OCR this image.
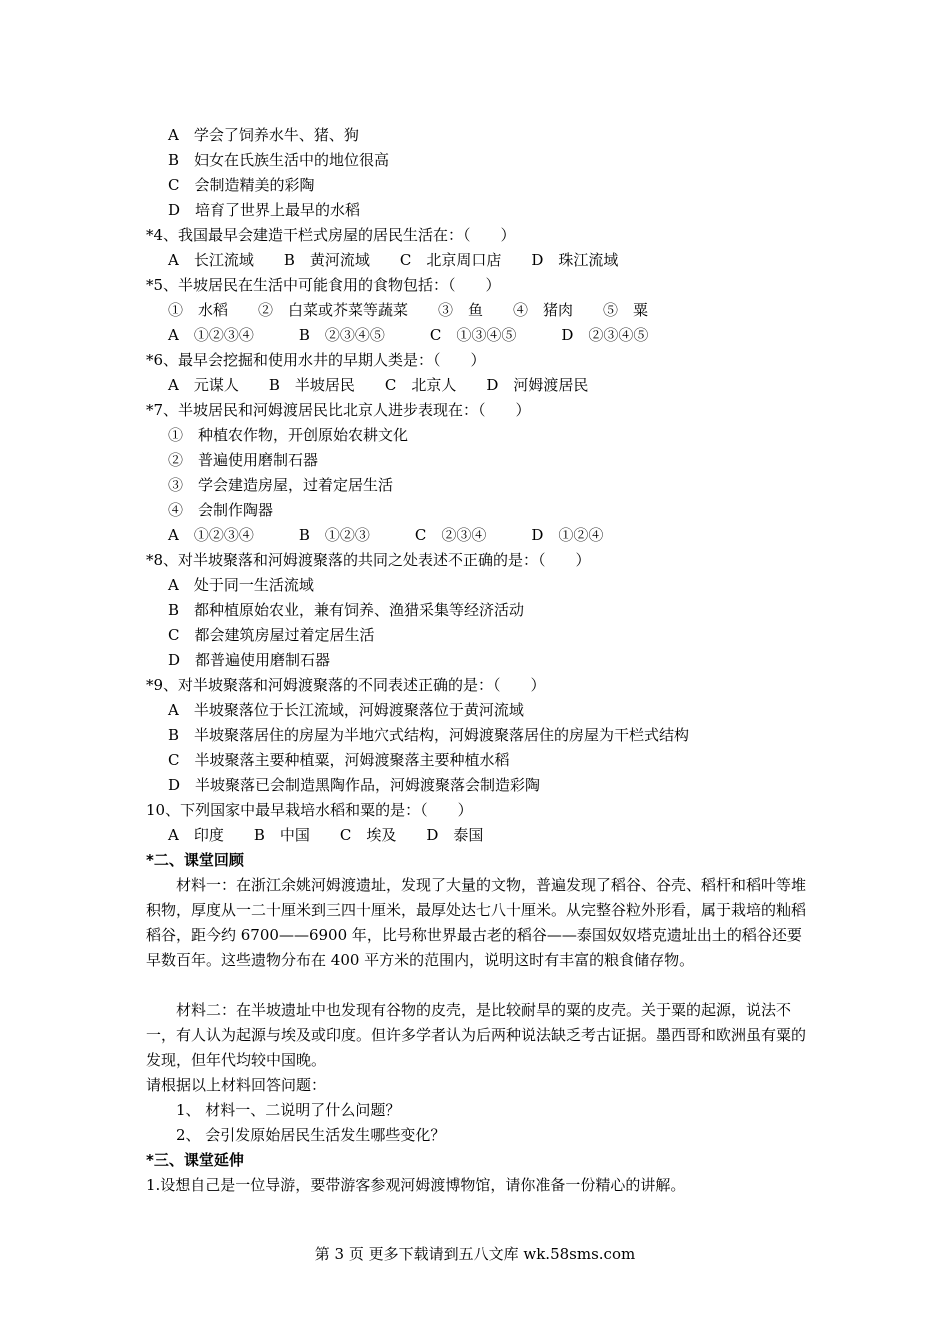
A　学会了饲养水牛、猪、狗
B　妇女在氏族生活中的地位很高
C　会制造精美的彩陶
D　培育了世界上最早的水稻
*4、我国最早会建造干栏式房屋的居民生活在：（　　）
A　长江流域　　B　黄河流域　　C　北京周口店　　D　珠江流域
*5、半坡居民在生活中可能食用的食物包括：（　　）
①　水稻　　②　白菜或芥菜等蔬菜　　③　鱼　　④　猪肉　　⑤　粟
A　①②③④　　　B　②③④⑤　　　C　①③④⑤　　　D　②③④⑤
*6、最早会挖掘和使用水井的早期人类是：（　　）
A　元谋人　　B　半坡居民　　C　北京人　　D　河姆渡居民
*7、半坡居民和河姆渡居民比北京人进步表现在：（　　）
①　种植农作物，开创原始农耕文化
②　普遍使用磨制石器
③　学会建造房屋，过着定居生活
④　会制作陶器
A　①②③④　　　B　①②③　　　C　②③④　　　D　①②④
*8、对半坡聚落和河姆渡聚落的共同之处表述不正确的是：（　　）
A　处于同一生活流域
B　都种植原始农业，兼有饲养、渔猎采集等经济活动
C　都会建筑房屋过着定居生活
D　都普遍使用磨制石器
*9、对半坡聚落和河姆渡聚落的不同表述正确的是：（　　）
A　半坡聚落位于长江流域，河姆渡聚落位于黄河流域
B　半坡聚落居住的房屋为半地穴式结构，河姆渡聚落居住的房屋为干栏式结构
C　半坡聚落主要种植粟，河姆渡聚落主要种植水稻
D　半坡聚落已会制造黑陶作品，河姆渡聚落会制造彩陶
10、下列国家中最早栽培水稻和粟的是：（　　）
A　印度　　B　中国　　C　埃及　　D　泰国
*二、课堂回顾
材料一：在浙江余姚河姆渡遗址，发现了大量的文物，普遍发现了稻谷、谷壳、稻杆和稻叶等堆积物，厚度从一二十厘米到三四十厘米，最厚处达七八十厘米。从完整谷粒外形看，属于栽培的籼稻稻谷，距今约 6700——6900 年，比号称世界最古老的稻谷——泰国奴奴塔克遗址出土的稻谷还要早数百年。这些遗物分布在 400 平方米的范围内，说明这时有丰富的粮食储存物。
材料二：在半坡遗址中也发现有谷物的皮壳，是比较耐旱的粟的皮壳。关于粟的起源，说法不一，有人认为起源与埃及或印度。但许多学者认为后两种说法缺乏考古证据。墨西哥和欧洲虽有粟的发现，但年代均较中国晚。
请根据以上材料回答问题：
1、 材料一、二说明了什么问题？
2、 会引发原始居民生活发生哪些变化？
*三、课堂延伸
1.设想自己是一位导游，要带游客参观河姆渡博物馆，请你准备一份精心的讲解。
第 3 页 更多下载请到五八文库 wk.58sms.com
